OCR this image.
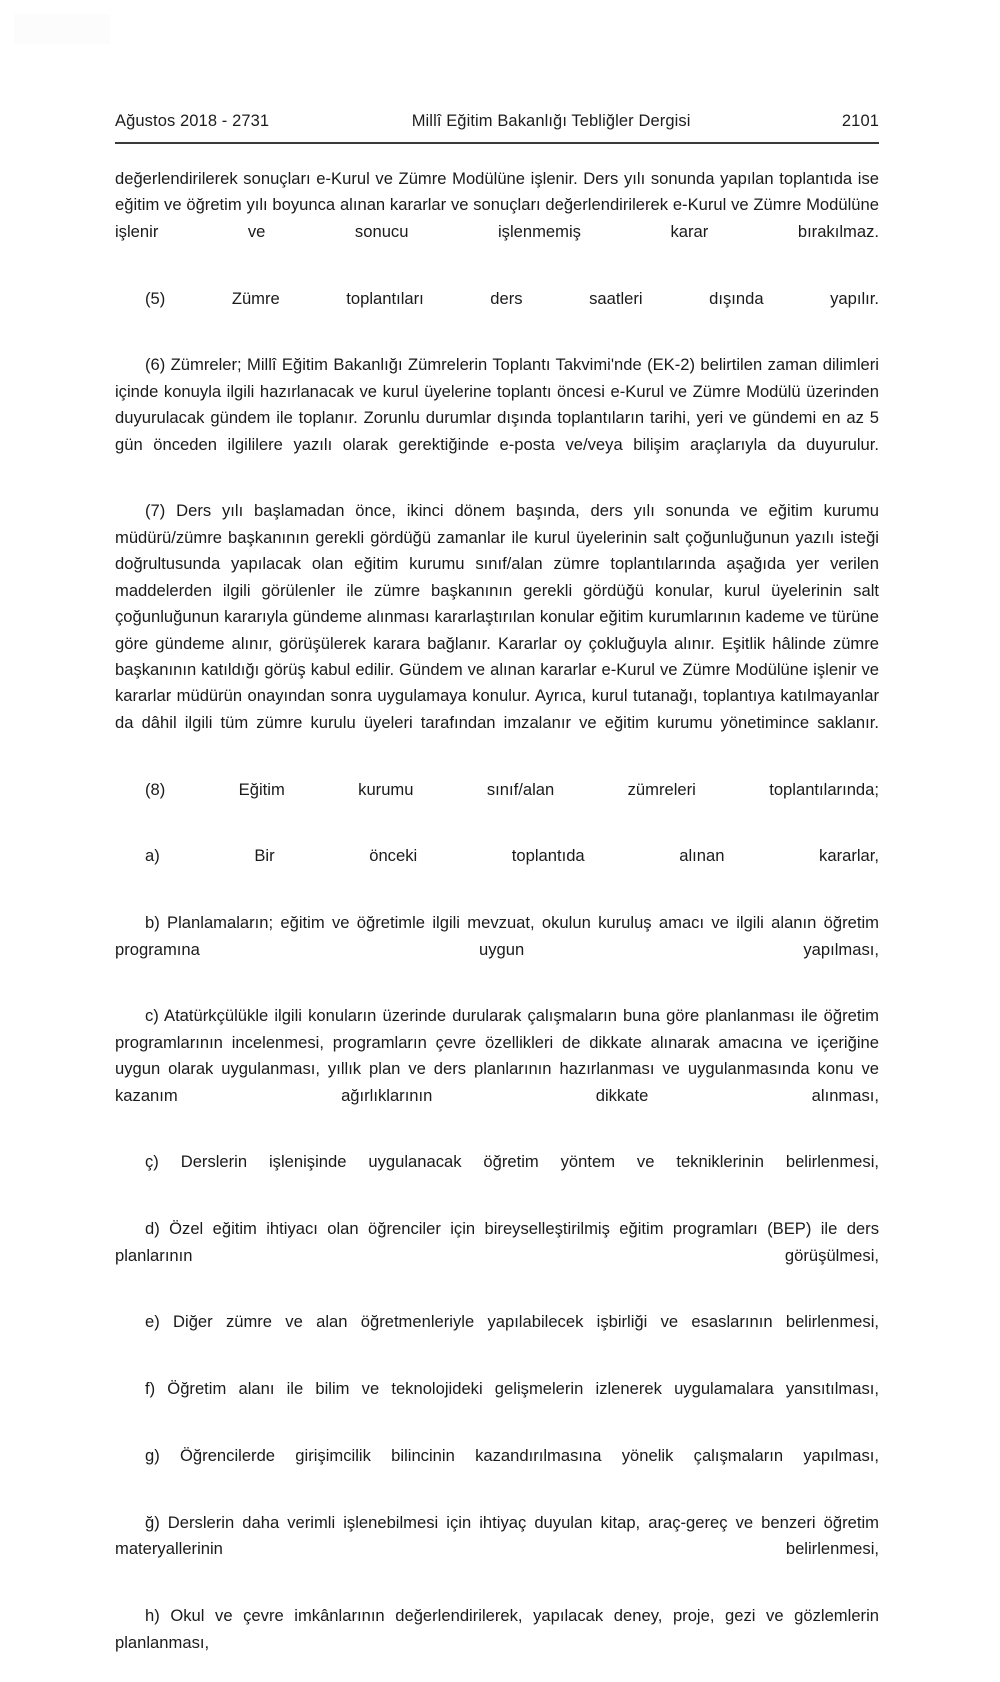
Ağustos 2018 - 2731	Millî Eğitim Bakanlığı Tebliğler Dergisi	2101

değerlendirilerek sonuçları e-Kurul ve Zümre Modülüne işlenir. Ders yılı sonunda yapılan toplantıda ise eğitim ve öğretim yılı boyunca alınan kararlar ve sonuçları değerlendirilerek e-Kurul ve Zümre Modülüne işlenir ve sonucu işlenmemiş karar bırakılmaz.

(5) Zümre toplantıları ders saatleri dışında yapılır.

(6) Zümreler; Millî Eğitim Bakanlığı Zümrelerin Toplantı Takvimi'nde (EK-2) belirtilen zaman dilimleri içinde konuyla ilgili hazırlanacak ve kurul üyelerine toplantı öncesi e-Kurul ve Zümre Modülü üzerinden duyurulacak gündem ile toplanır. Zorunlu durumlar dışında toplantıların tarihi, yeri ve gündemi en az 5 gün önceden ilgililere yazılı olarak gerektiğinde e-posta ve/veya bilişim araçlarıyla da duyurulur.

(7) Ders yılı başlamadan önce, ikinci dönem başında, ders yılı sonunda ve eğitim kurumu müdürü/zümre başkanının gerekli gördüğü zamanlar ile kurul üyelerinin salt çoğunluğunun yazılı isteği doğrultusunda yapılacak olan eğitim kurumu sınıf/alan zümre toplantılarında aşağıda yer verilen maddelerden ilgili görülenler ile zümre başkanının gerekli gördüğü konular, kurul üyelerinin salt çoğunluğunun kararıyla gündeme alınması kararlaştırılan konular eğitim kurumlarının kademe ve türüne göre gündeme alınır, görüşülerek karara bağlanır. Kararlar oy çokluğuyla alınır. Eşitlik hâlinde zümre başkanının katıldığı görüş kabul edilir. Gündem ve alınan kararlar e-Kurul ve Zümre Modülüne işlenir ve kararlar müdürün onayından sonra uygulamaya konulur. Ayrıca, kurul tutanağı, toplantıya katılmayanlar da dâhil ilgili tüm zümre kurulu üyeleri tarafından imzalanır ve eğitim kurumu yönetimince saklanır.

(8) Eğitim kurumu sınıf/alan zümreleri toplantılarında;

a) Bir önceki toplantıda alınan kararlar,

b) Planlamaların; eğitim ve öğretimle ilgili mevzuat, okulun kuruluş amacı ve ilgili alanın öğretim programına uygun yapılması,

c) Atatürkçülükle ilgili konuların üzerinde durularak çalışmaların buna göre planlanması ile öğretim programlarının incelenmesi, programların çevre özellikleri de dikkate alınarak amacına ve içeriğine uygun olarak uygulanması, yıllık plan ve ders planlarının hazırlanması ve uygulanmasında konu ve kazanım ağırlıklarının dikkate alınması,

ç) Derslerin işlenişinde uygulanacak öğretim yöntem ve tekniklerinin belirlenmesi,

d) Özel eğitim ihtiyacı olan öğrenciler için bireyselleştirilmiş eğitim programları (BEP) ile ders planlarının görüşülmesi,

e) Diğer zümre ve alan öğretmenleriyle yapılabilecek işbirliği ve esaslarının belirlenmesi,

f) Öğretim alanı ile bilim ve teknolojideki gelişmelerin izlenerek uygulamalara yansıtılması,

g) Öğrencilerde girişimcilik bilincinin kazandırılmasına yönelik çalışmaların yapılması,

ğ) Derslerin daha verimli işlenebilmesi için ihtiyaç duyulan kitap, araç-gereç ve benzeri öğretim materyallerinin belirlenmesi,

h) Okul ve çevre imkânlarının değerlendirilerek, yapılacak deney, proje, gezi ve gözlemlerin planlanması,
